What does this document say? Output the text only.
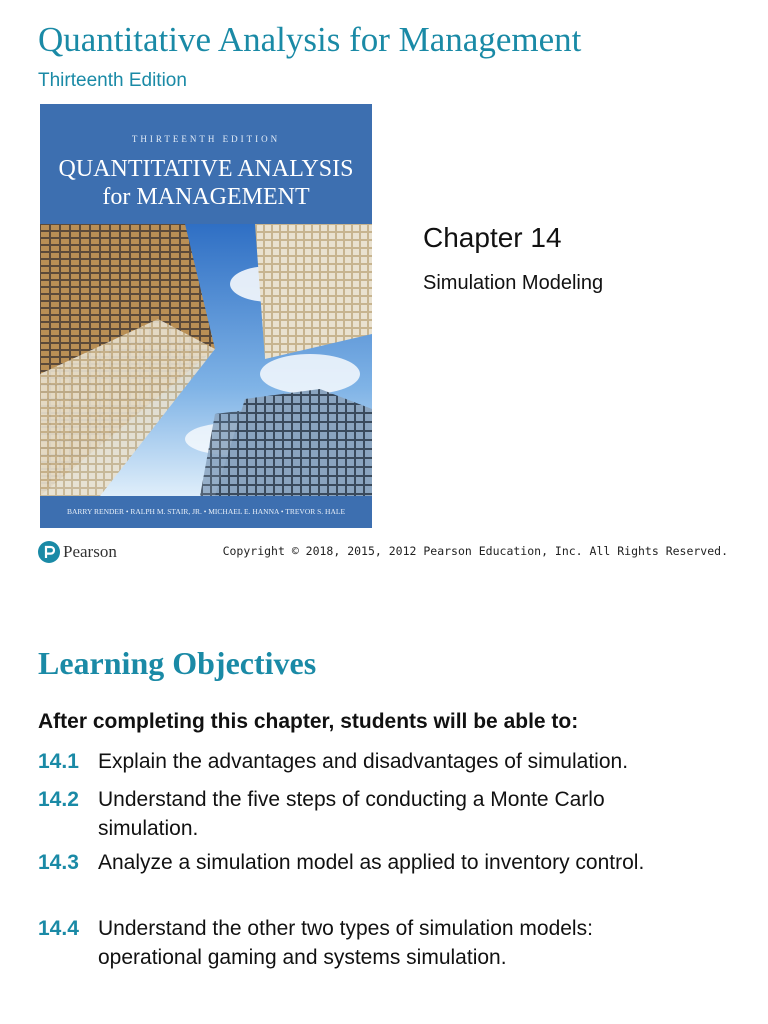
Quantitative Analysis for Management
Thirteenth Edition
THIRTEENTH EDITION
QUANTITATIVE ANALYSIS
for MANAGEMENT
BARRY RENDER • RALPH M. STAIR, JR. • MICHAEL E. HANNA • TREVOR S. HALE
Chapter 14
Simulation Modeling
Pearson	Copyright © 2018, 2015, 2012 Pearson Education, Inc. All Rights Reserved.
Learning Objectives
After completing this chapter, students will be able to:
14.1 Explain the advantages and disadvantages of simulation.
14.2 Understand the five steps of conducting a Monte Carlo simulation.
14.3 Analyze a simulation model as applied to inventory control.
14.4 Understand the other two types of simulation models: operational gaming and systems simulation.
